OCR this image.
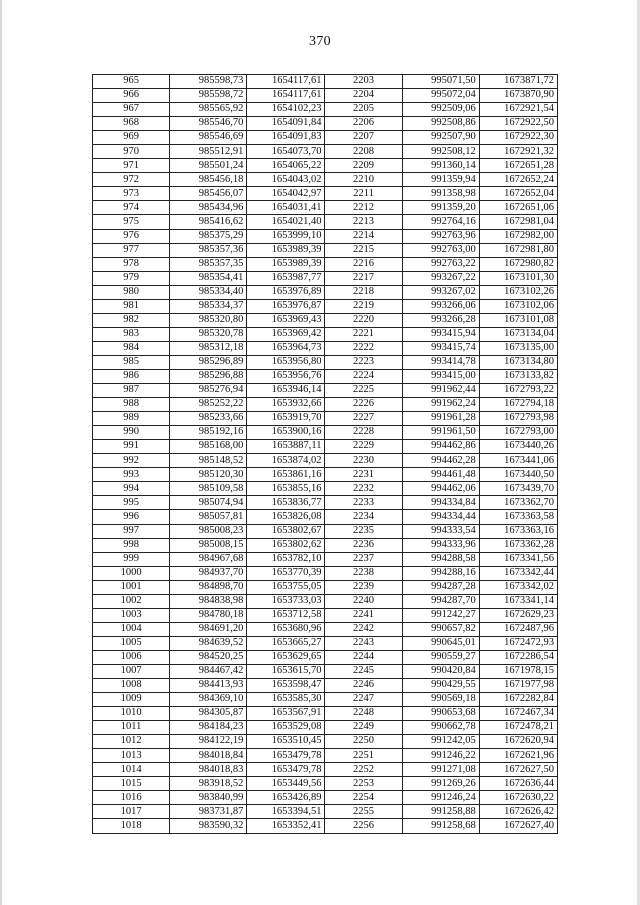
370
965	985598,73	1654117,61	2203	995071,50	1673871,72
966	985598,72	1654117,61	2204	995072,04	1673870,90
967	985565,92	1654102,23	2205	992509,06	1672921,54
968	985546,70	1654091,84	2206	992508,86	1672922,50
969	985546,69	1654091,83	2207	992507,90	1672922,30
970	985512,91	1654073,70	2208	992508,12	1672921,32
971	985501,24	1654065,22	2209	991360,14	1672651,28
972	985456,18	1654043,02	2210	991359,94	1672652,24
973	985456,07	1654042,97	2211	991358,98	1672652,04
974	985434,96	1654031,41	2212	991359,20	1672651,06
975	985416,62	1654021,40	2213	992764,16	1672981,04
976	985375,29	1653999,10	2214	992763,96	1672982,00
977	985357,36	1653989,39	2215	992763,00	1672981,80
978	985357,35	1653989,39	2216	992763,22	1672980,82
979	985354,41	1653987,77	2217	993267,22	1673101,30
980	985334,40	1653976,89	2218	993267,02	1673102,26
981	985334,37	1653976,87	2219	993266,06	1673102,06
982	985320,80	1653969,43	2220	993266,28	1673101,08
983	985320,78	1653969,42	2221	993415,94	1673134,04
984	985312,18	1653964,73	2222	993415,74	1673135,00
985	985296,89	1653956,80	2223	993414,78	1673134,80
986	985296,88	1653956,76	2224	993415,00	1673133,82
987	985276,94	1653946,14	2225	991962,44	1672793,22
988	985252,22	1653932,66	2226	991962,24	1672794,18
989	985233,66	1653919,70	2227	991961,28	1672793,98
990	985192,16	1653900,16	2228	991961,50	1672793,00
991	985168,00	1653887,11	2229	994462,86	1673440,26
992	985148,52	1653874,02	2230	994462,28	1673441,06
993	985120,30	1653861,16	2231	994461,48	1673440,50
994	985109,58	1653855,16	2232	994462,06	1673439,70
995	985074,94	1653836,77	2233	994334,84	1673362,70
996	985057,81	1653826,08	2234	994334,44	1673363,58
997	985008,23	1653802,67	2235	994333,54	1673363,16
998	985008,15	1653802,62	2236	994333,96	1673362,28
999	984967,68	1653782,10	2237	994288,58	1673341,56
1000	984937,70	1653770,39	2238	994288,16	1673342,44
1001	984898,70	1653755,05	2239	994287,28	1673342,02
1002	984838,98	1653733,03	2240	994287,70	1673341,14
1003	984780,18	1653712,58	2241	991242,27	1672629,23
1004	984691,20	1653680,96	2242	990657,82	1672487,96
1005	984639,52	1653665,27	2243	990645,01	1672472,93
1006	984520,25	1653629,65	2244	990559,27	1672286,54
1007	984467,42	1653615,70	2245	990420,84	1671978,15
1008	984413,93	1653598,47	2246	990429,55	1671977,98
1009	984369,10	1653585,30	2247	990569,18	1672282,84
1010	984305,87	1653567,91	2248	990653,68	1672467,34
1011	984184,23	1653529,08	2249	990662,78	1672478,21
1012	984122,19	1653510,45	2250	991242,05	1672620,94
1013	984018,84	1653479,78	2251	991246,22	1672621,96
1014	984018,83	1653479,78	2252	991271,08	1672627,50
1015	983918,52	1653449,56	2253	991269,26	1672636,44
1016	983840,99	1653426,89	2254	991246,24	1672630,22
1017	983731,87	1653394,51	2255	991258,88	1672626,42
1018	983590,32	1653352,41	2256	991258,68	1672627,40
